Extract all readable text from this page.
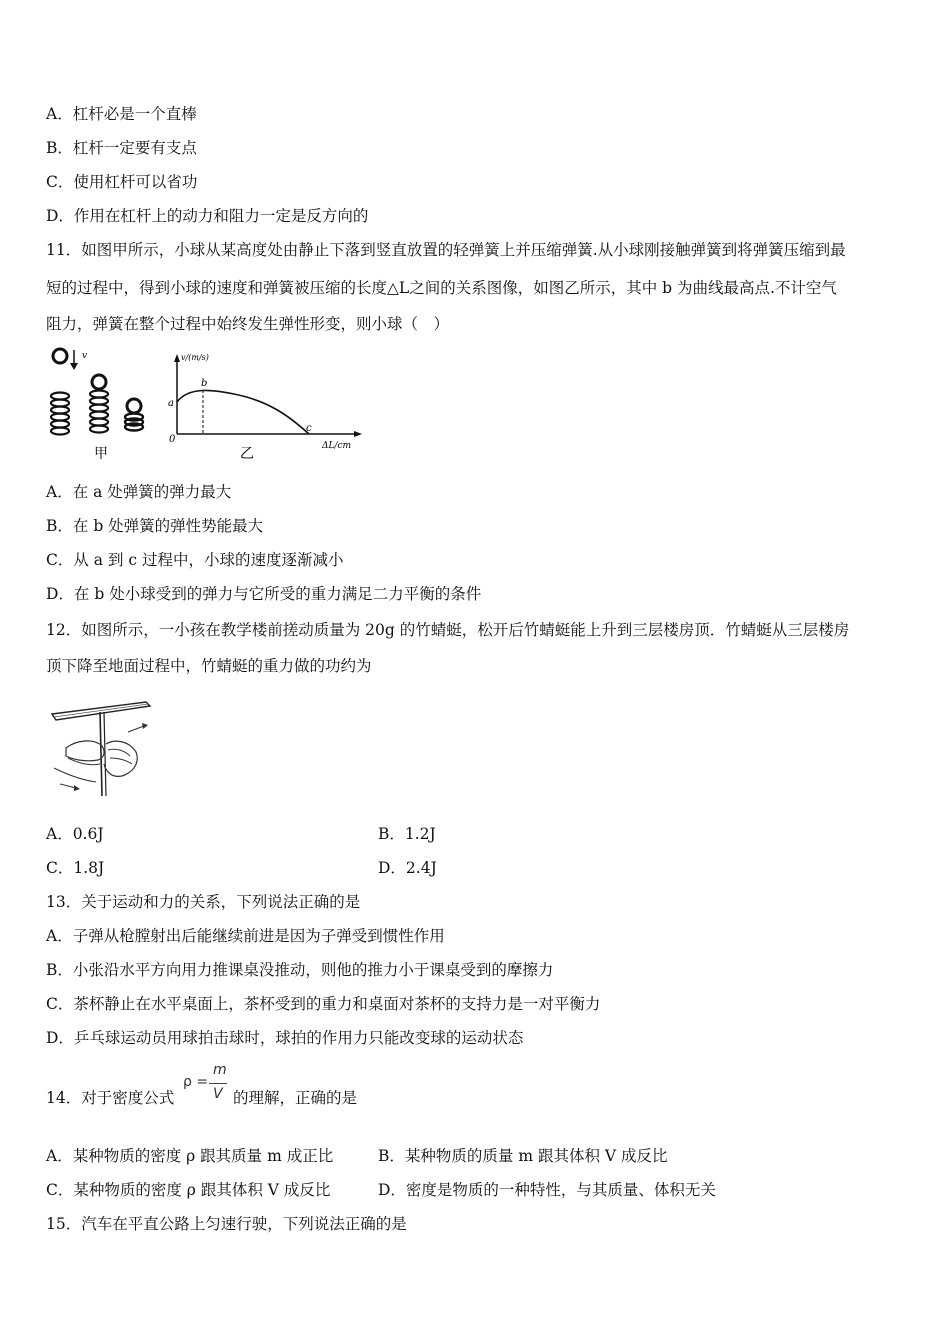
A．杠杆必是一个直棒
B．杠杆一定要有支点
C．使用杠杆可以省功
D．作用在杠杆上的动力和阻力一定是反方向的
11．如图甲所示，小球从某高度处由静止下落到竖直放置的轻弹簧上并压缩弹簧.从小球刚接触弹簧到将弹簧压缩到最
短的过程中，得到小球的速度和弹簧被压缩的长度△L之间的关系图像，如图乙所示，其中 b 为曲线最高点.不计空气
阻力，弹簧在整个过程中始终发生弹性形变，则小球（　）
v
甲
v/(m/s)
ΔL/cm
0
a
b
c
乙
A．在 a 处弹簧的弹力最大
B．在 b 处弹簧的弹性势能最大
C．从 a 到 c 过程中，小球的速度逐渐减小
D．在 b 处小球受到的弹力与它所受的重力满足二力平衡的条件
12．如图所示，一小孩在教学楼前搓动质量为 20g 的竹蜻蜓，松开后竹蜻蜓能上升到三层楼房顶．竹蜻蜓从三层楼房
顶下降至地面过程中，竹蜻蜓的重力做的功约为
A．0.6J	B．1.2J
C．1.8J	D．2.4J
13．关于运动和力的关系，下列说法正确的是
A．子弹从枪膛射出后能继续前进是因为子弹受到惯性作用
B．小张沿水平方向用力推课桌没推动，则他的推力小于课桌受到的摩擦力
C．茶杯静止在水平桌面上，茶杯受到的重力和桌面对茶杯的支持力是一对平衡力
D．乒乓球运动员用球拍击球时，球拍的作用力只能改变球的运动状态
14．对于密度公式
ρ =
m
V 的理解，正确的是
A．某种物质的密度 ρ 跟其质量 m 成正比	B．某种物质的质量 m 跟其体积 V 成反比
C．某种物质的密度 ρ 跟其体积 V 成反比	D．密度是物质的一种特性，与其质量、体积无关
15．汽车在平直公路上匀速行驶，下列说法正确的是
